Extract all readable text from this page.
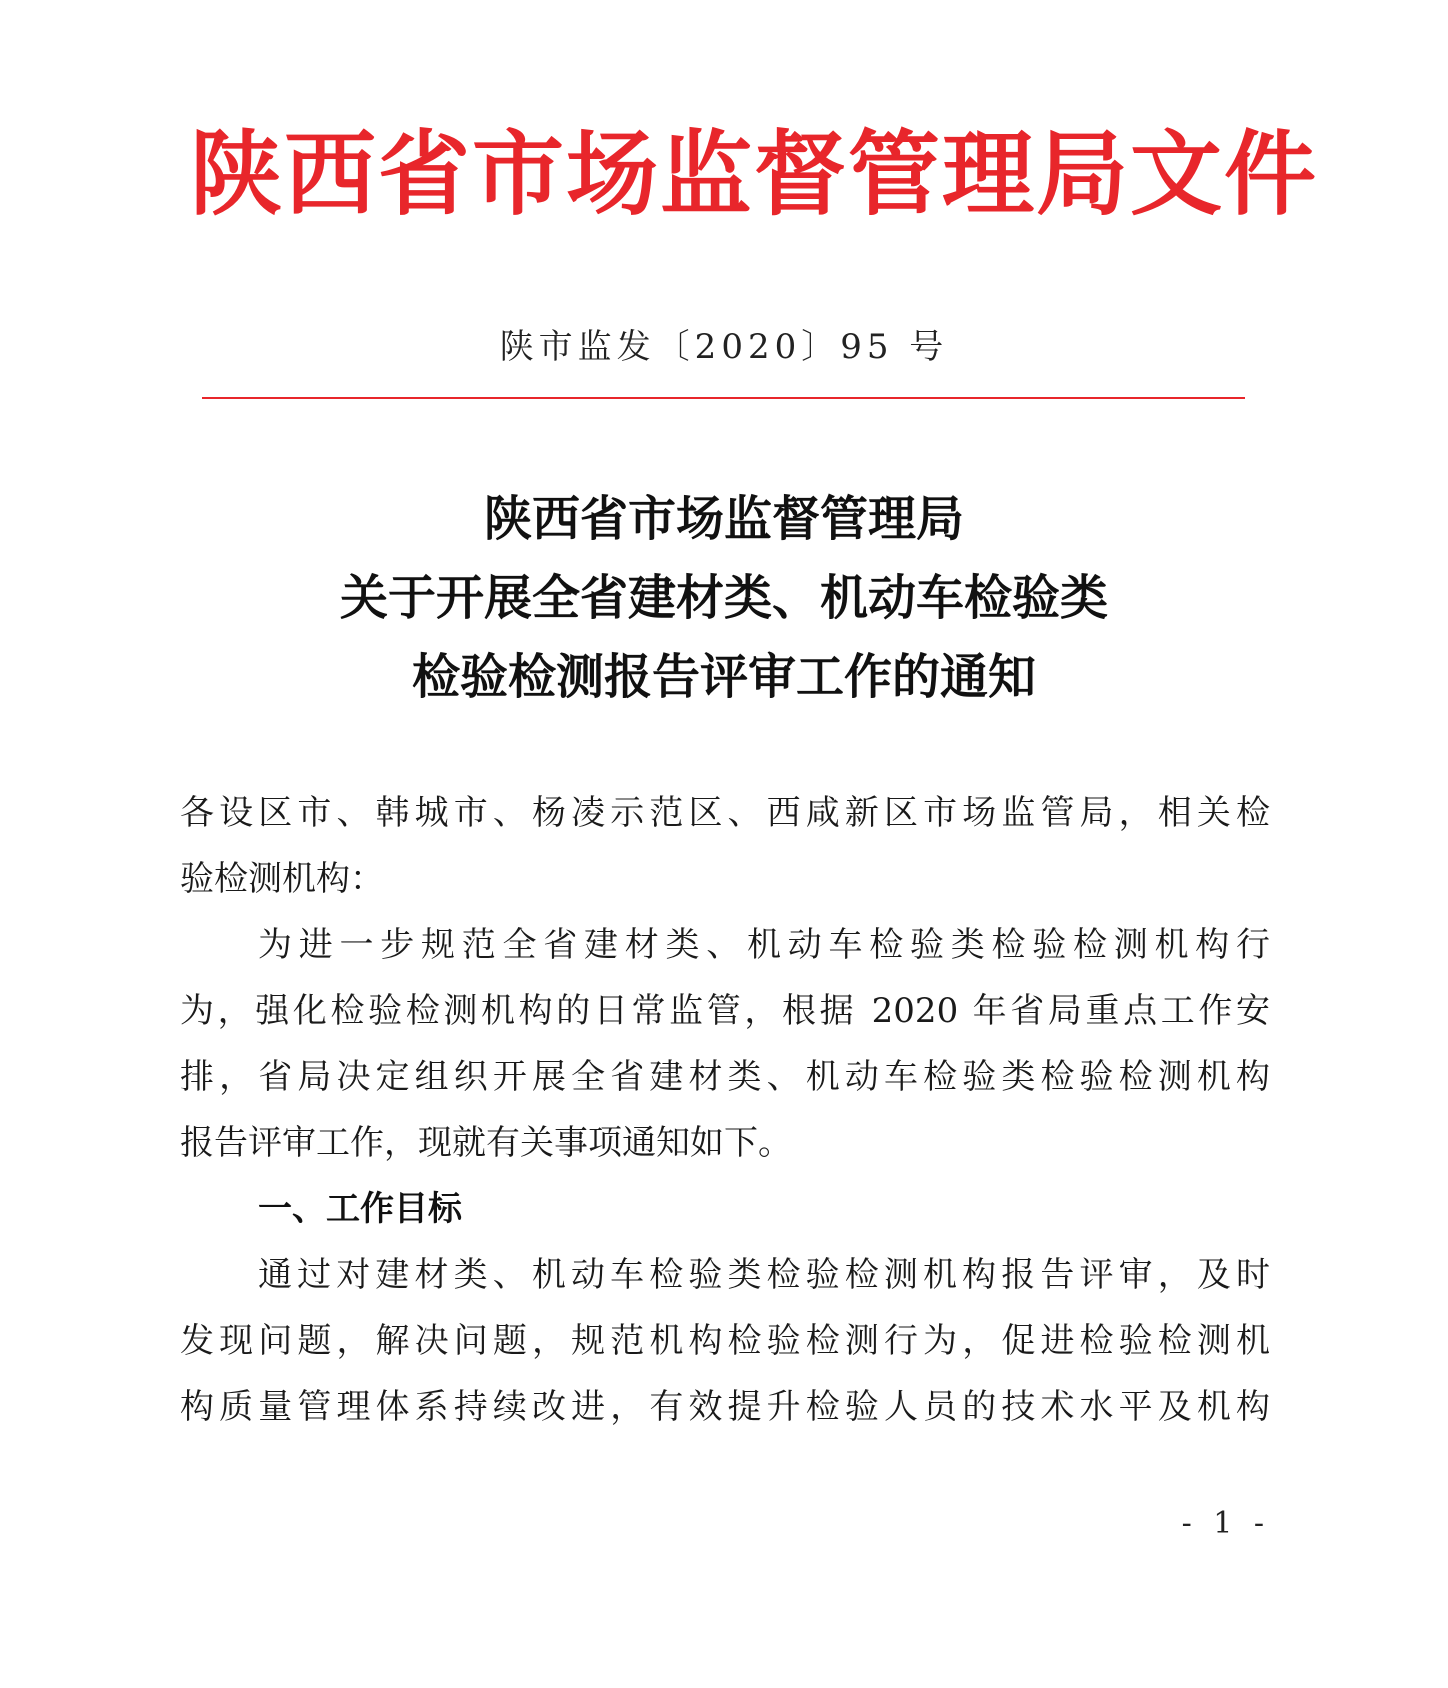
陕西省市场监督管理局文件
陕市监发〔2020〕95 号
陕西省市场监督管理局
关于开展全省建材类、机动车检验类
检验检测报告评审工作的通知
各设区市、韩城市、杨凌示范区、西咸新区市场监管局，相关检
验检测机构：
为进一步规范全省建材类、机动车检验类检验检测机构行
为，强化检验检测机构的日常监管，根据 2020 年省局重点工作安
排，省局决定组织开展全省建材类、机动车检验类检验检测机构
报告评审工作，现就有关事项通知如下。
一、工作目标
通过对建材类、机动车检验类检验检测机构报告评审，及时
发现问题，解决问题，规范机构检验检测行为，促进检验检测机
构质量管理体系持续改进，有效提升检验人员的技术水平及机构
- 1 -
